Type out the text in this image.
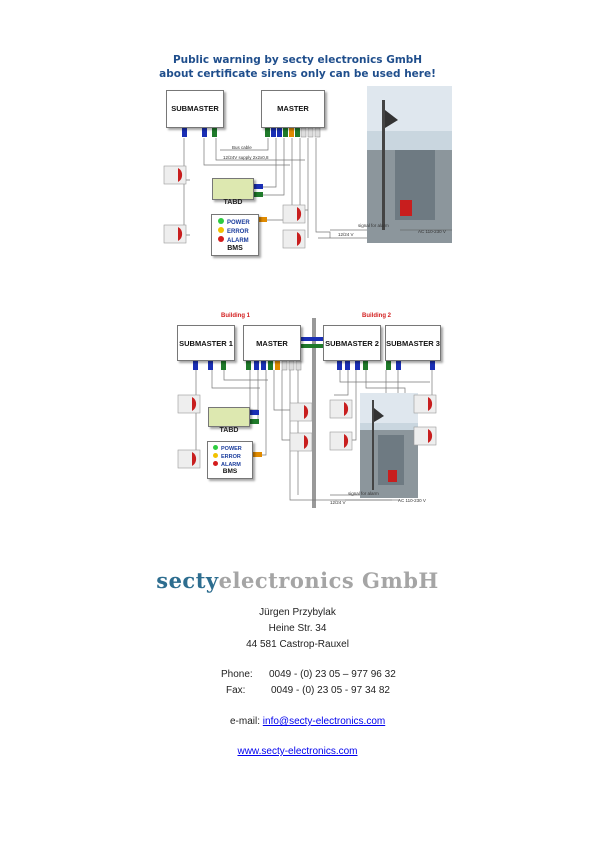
Public warning by secty electronics GmbH
about certificate sirens only can be used here!
SUBMASTER	MASTER
TABD
POWER
ERROR
ALARM
BMS
Bus cable
12/24V supply 2x2x0,8
12/24 V
signal for alarm
AC 110-230 V
Building 1	Building 2
SUBMASTER 1	MASTER	SUBMASTER 2 SUBMASTER 3
TABD
POWER
ERROR
ALARM
BMS
signal for alarm
12/24 V	AC 110-230 V
sectyelectronics GmbH
Jürgen Przybylak
Heine Str. 34
44 581 Castrop-Rauxel
Phone: 0049 - (0) 23 05 – 977 96 32
Fax:	0049 - (0) 23 05 - 97 34 82
e-mail: info@secty-electronics.com
www.secty-electronics.com
